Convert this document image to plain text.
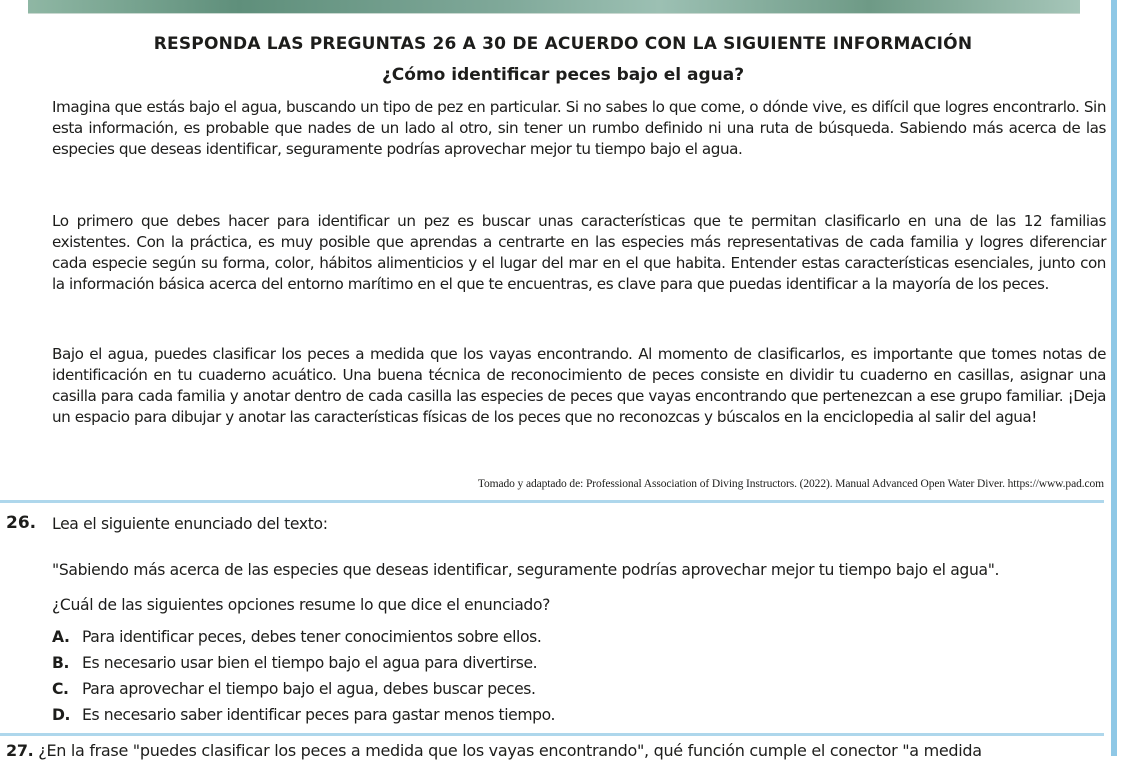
RESPONDA LAS PREGUNTAS 26 A 30 DE ACUERDO CON LA SIGUIENTE INFORMACIÓN
¿Cómo identificar peces bajo el agua?

Imagina que estás bajo el agua, buscando un tipo de pez en particular. Si no sabes lo que come, o dónde vive, es difícil que logres encontrarlo. Sin esta información, es probable que nades de un lado al otro, sin tener un rumbo definido ni una ruta de búsqueda. Sabiendo más acerca de las especies que deseas identificar, seguramente podrías aprovechar mejor tu tiempo bajo el agua.

Lo primero que debes hacer para identificar un pez es buscar unas características que te permitan clasificarlo en una de las 12 familias existentes. Con la práctica, es muy posible que aprendas a centrarte en las especies más representativas de cada familia y logres diferenciar cada especie según su forma, color, hábitos alimenticios y el lugar del mar en el que habita. Entender estas características esenciales, junto con la información básica acerca del entorno marítimo en el que te encuentras, es clave para que puedas identificar a la mayoría de los peces.

Bajo el agua, puedes clasificar los peces a medida que los vayas encontrando. Al momento de clasificarlos, es importante que tomes notas de identificación en tu cuaderno acuático. Una buena técnica de reconocimiento de peces consiste en dividir tu cuaderno en casillas, asignar una casilla para cada familia y anotar dentro de cada casilla las especies de peces que vayas encontrando que pertenezcan a ese grupo familiar. ¡Deja un espacio para dibujar y anotar las características físicas de los peces que no reconozcas y búscalos en la enciclopedia al salir del agua!

Tomado y adaptado de: Professional Association of Diving Instructors. (2022). Manual Advanced Open Water Diver. https://www.pad.com
26. Lea el siguiente enunciado del texto:
"Sabiendo más acerca de las especies que deseas identificar, seguramente podrías aprovechar mejor tu tiempo bajo el agua".
¿Cuál de las siguientes opciones resume lo que dice el enunciado?
A. Para identificar peces, debes tener conocimientos sobre ellos.
B. Es necesario usar bien el tiempo bajo el agua para divertirse.
C. Para aprovechar el tiempo bajo el agua, debes buscar peces.
D. Es necesario saber identificar peces para gastar menos tiempo.
27. ¿En la frase "puedes clasificar los peces a medida que los vayas encontrando", qué función cumple el conector "a medida
